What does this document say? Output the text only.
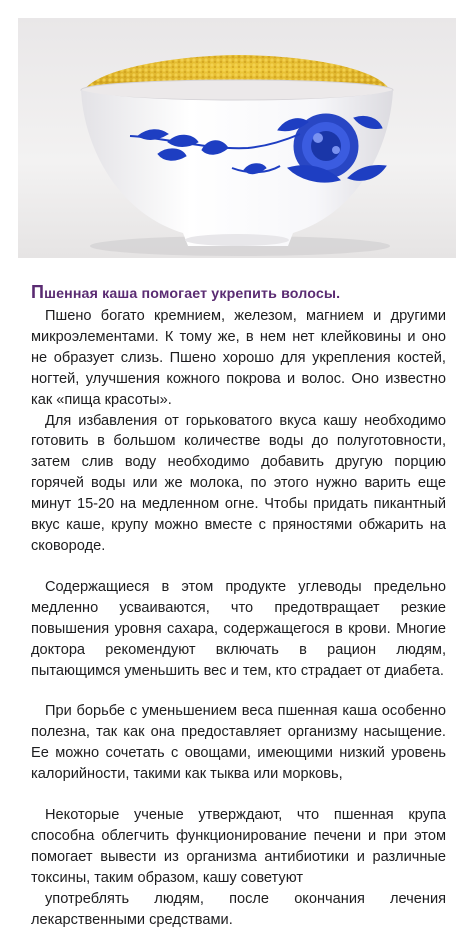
Пшенная каша помогает укрепить волосы.

Пшено богато кремнием, железом, магнием и другими микроэлементами. К тому же, в нем нет клейковины и оно не образует слизь. Пшено хорошо для укрепления костей, ногтей, улучшения кожного покрова и волос. Оно известно как «пища красоты».

Для избавления от горьковатого вкуса кашу необходимо готовить в большом количестве воды до полуготовности, затем слив воду необходимо добавить другую порцию горячей воды или же молока, по этого нужно варить еще минут 15-20 на медленном огне. Чтобы придать пикантный вкус каше, крупу можно вместе с пряностями обжарить на сковороде.

Содержащиеся в этом продукте углеводы предельно медленно усваиваются, что предотвращает резкие повышения уровня сахара, содержащегося в крови. Многие доктора рекомендуют включать в рацион людям, пытающимся уменьшить вес и тем, кто страдает от диабета.

При борьбе с уменьшением веса пшенная каша особенно полезна, так как она предоставляет организму насыщение. Ее можно сочетать с овощами, имеющими низкий уровень калорийности, такими как тыква или морковь,

Некоторые ученые утверждают, что пшенная крупа способна облегчить функционирование печени и при этом помогает вывести из организма антибиотики и различные токсины, таким образом, кашу советуют

употреблять людям, после окончания лечения лекарственными средствами.
